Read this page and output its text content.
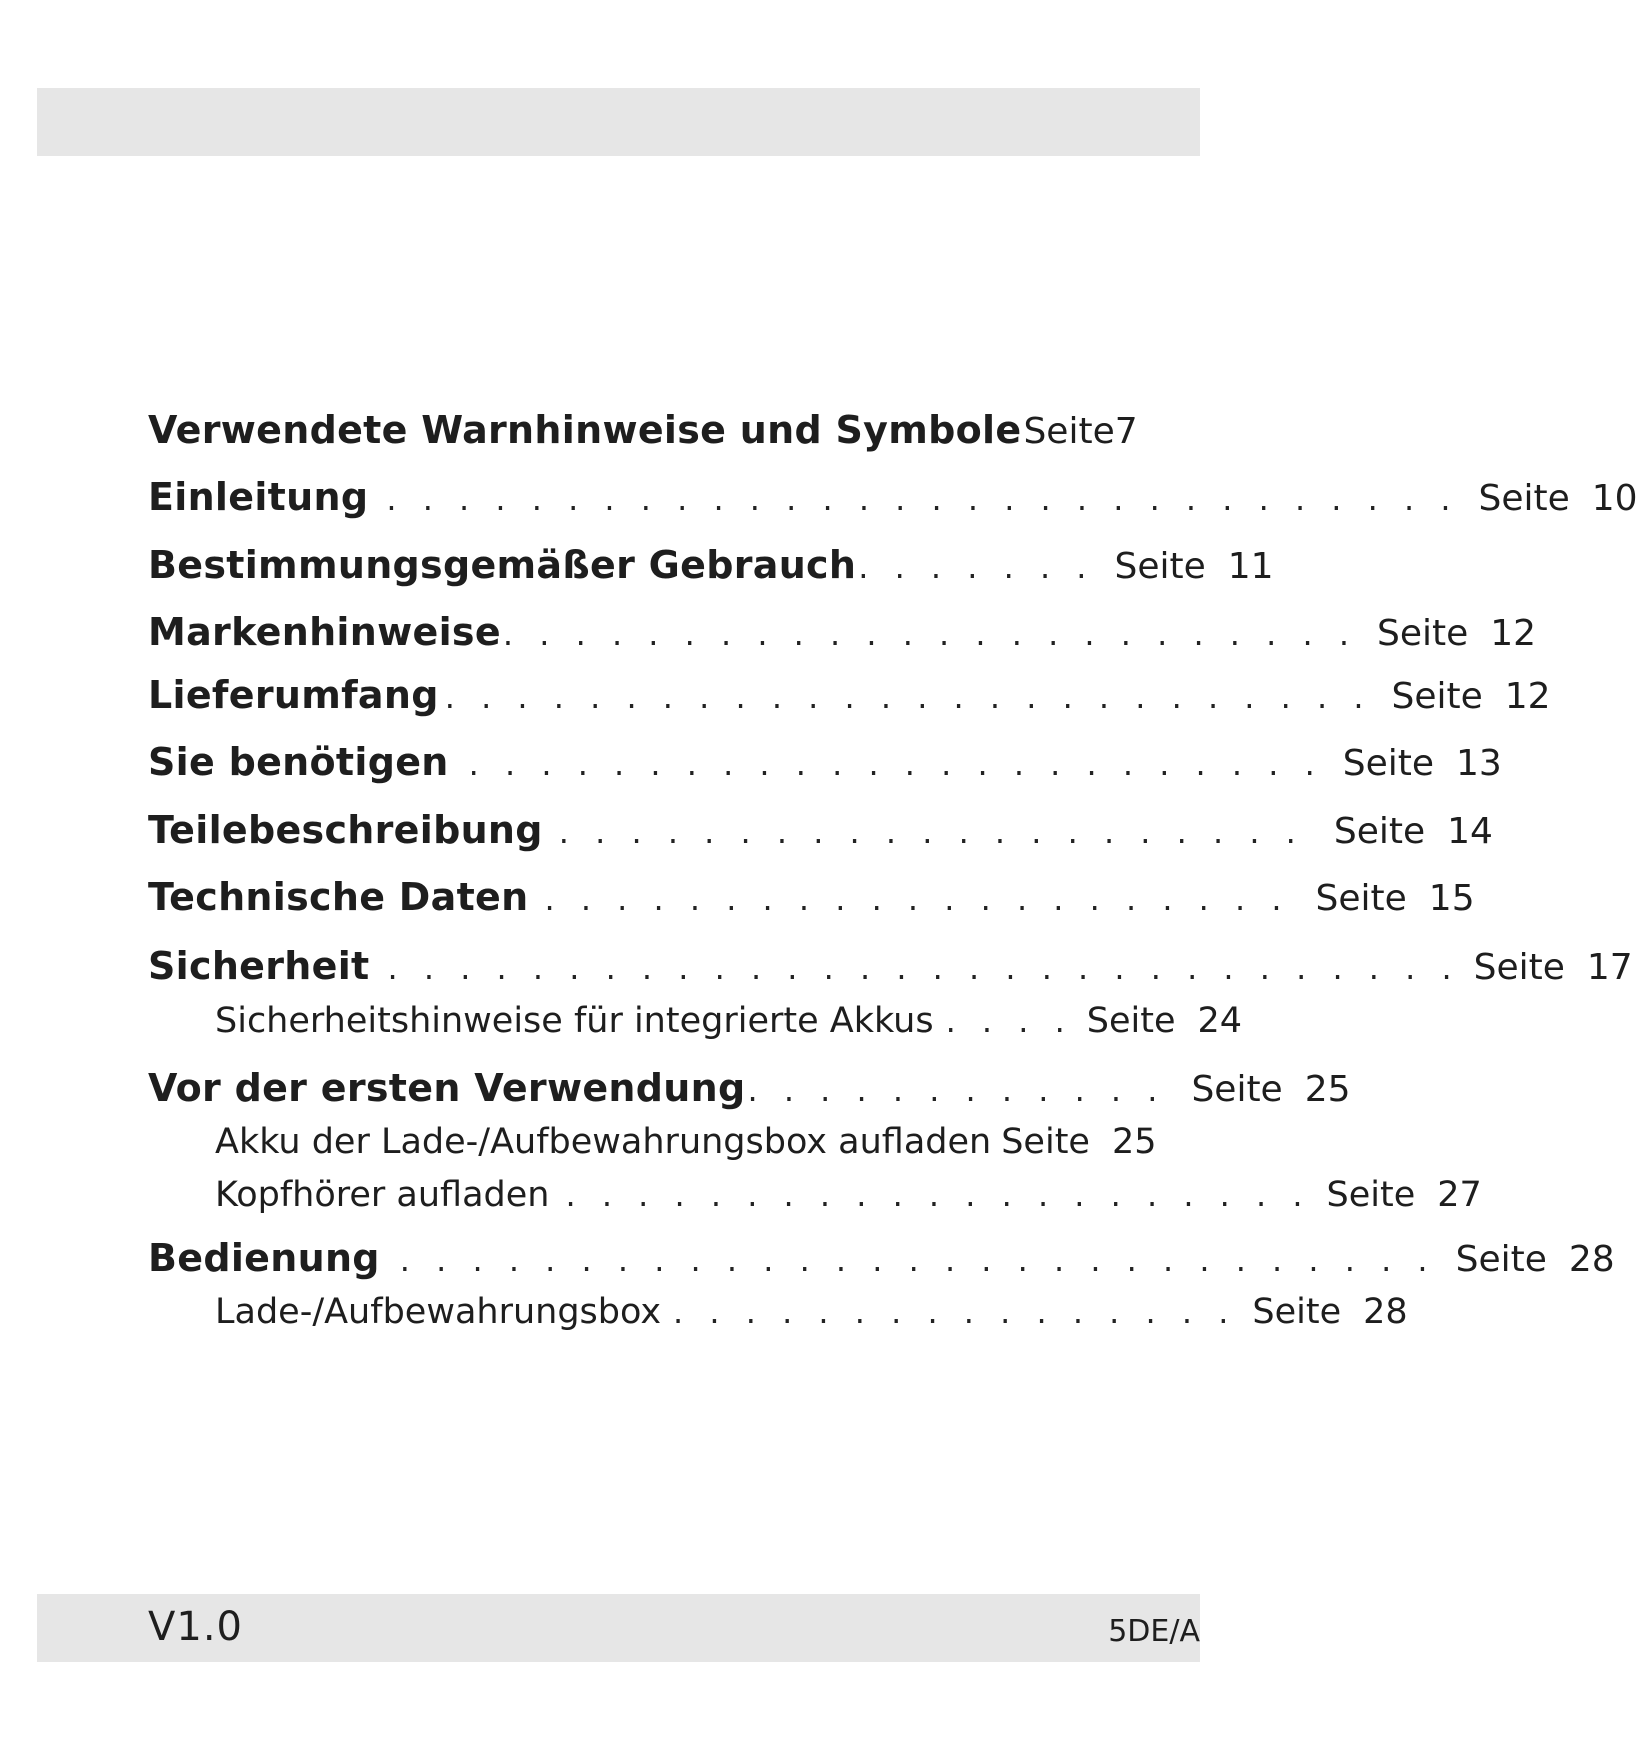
Verwendete Warnhinweise und Symbole Seite 7
Einleitung . . . . . . . . . . . . . . . . . . . . . . . . . . . . . . Seite 10
Bestimmungsgemäßer Gebrauch . . . . . . . Seite 11
Markenhinweise . . . . . . . . . . . . . . . . . . . . . . . . Seite 12
Lieferumfang . . . . . . . . . . . . . . . . . . . . . . . . . . Seite 12
Sie benötigen . . . . . . . . . . . . . . . . . . . . . . . . Seite 13
Teilebeschreibung . . . . . . . . . . . . . . . . . . . . . Seite 14
Technische Daten . . . . . . . . . . . . . . . . . . . . . Seite 15
Sicherheit . . . . . . . . . . . . . . . . . . . . . . . . . . . . . . Seite 17
Sicherheitshinweise für integrierte Akkus . . . . Seite 24
Vor der ersten Verwendung . . . . . . . . . . . . Seite 25
Akku der Lade-/Aufbewahrungsbox aufladen Seite 25
Kopfhörer aufladen . . . . . . . . . . . . . . . . . . . . . Seite 27
Bedienung . . . . . . . . . . . . . . . . . . . . . . . . . . . . . Seite 28
Lade-/Aufbewahrungsbox . . . . . . . . . . . . . . . . Seite 28
V1.0	5DE/A
